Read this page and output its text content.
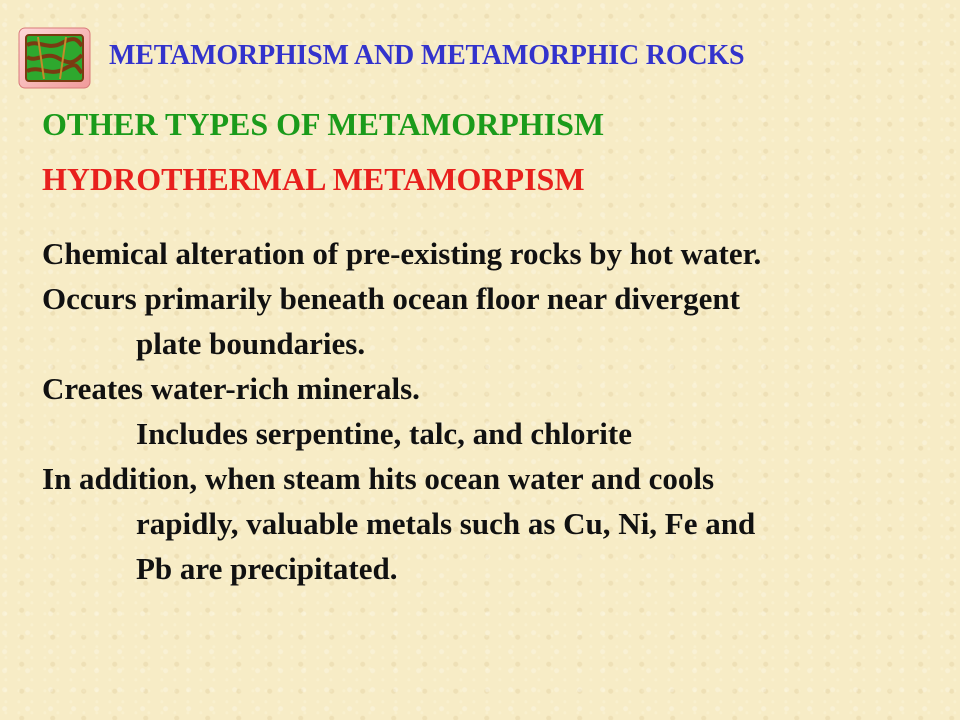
METAMORPHISM AND METAMORPHIC ROCKS
OTHER TYPES OF METAMORPHISM
HYDROTHERMAL METAMORPISM
Chemical alteration of pre-existing rocks by hot water.
Occurs primarily beneath ocean floor near divergent
plate boundaries.
Creates water-rich minerals.
Includes serpentine, talc, and chlorite
In addition, when steam hits ocean water and cools
rapidly, valuable metals such as Cu, Ni, Fe and
Pb are precipitated.
